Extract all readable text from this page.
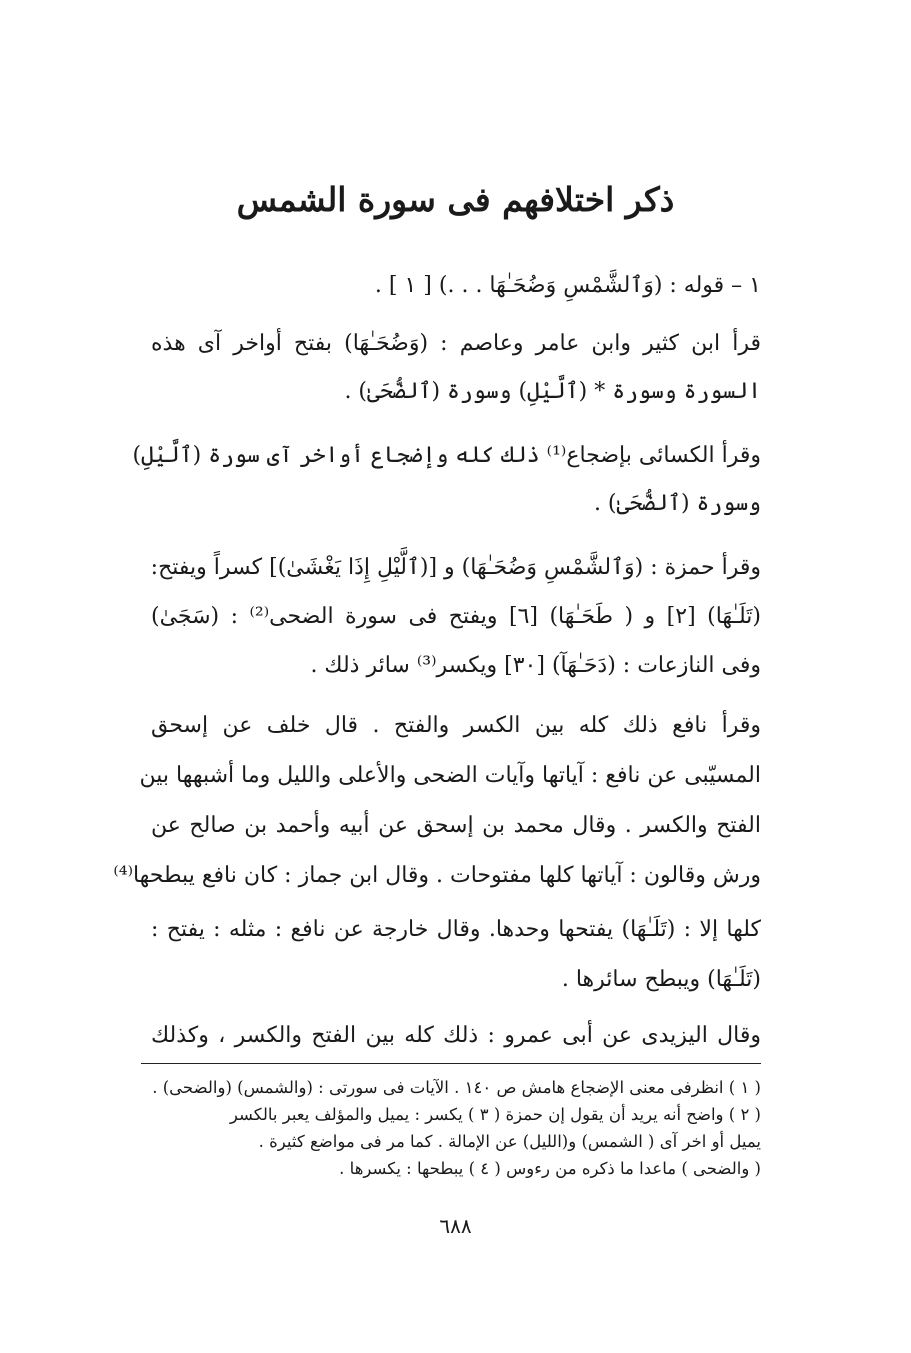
ذكر اختلافهم فى سورة الشمس
١ – قوله : (وَٱلشَّمْسِ وَضُحَـٰهَا . . .) [ ١ ] .
قرأ ابن كثير وابن عامر وعاصم : (وَضُحَـٰهَا) بفتح أواخر آى هذه
السورة وسورة * (ٱلَّيْلِ) وسورة (ٱلضُّحَىٰ) .
وقرأ الكسائى بإضجاع⁽¹⁾ ذلك كله وإضجاع أواخر آى سورة (ٱلَّيْلِ)
وسورة (ٱلضُّحَىٰ) .
وقرأ حمزة : (وَٱلشَّمْسِ وَضُحَـٰهَا) و [(ٱلَّيْلِ إِذَا يَغْشَىٰ)] كسراً ويفتح:
(تَلَـٰهَا) [٢] و ( طَحَـٰهَا) [٦] ويفتح فى سورة الضحى⁽²⁾ : (سَجَىٰ)
وفى النازعات : (دَحَـٰهَآ) [٣٠] ويكسر⁽³⁾ سائر ذلك .
وقرأ نافع ذلك كله بين الكسر والفتح . قال خلف عن إسحق
المسيّبى عن نافع : آياتها وآيات الضحى والأعلى والليل وما أشبهها بين
الفتح والكسر . وقال محمد بن إسحق عن أبيه وأحمد بن صالح عن
ورش وقالون : آياتها كلها مفتوحات . وقال ابن جماز : كان نافع يبطحها⁽⁴⁾
كلها إلا : (تَلَـٰهَا) يفتحها وحدها. وقال خارجة عن نافع : مثله : يفتح :
(تَلَـٰهَا) ويبطح سائرها .
وقال اليزيدى عن أبى عمرو : ذلك كله بين الفتح والكسر ، وكذلك
( ١ ) انظرفى معنى الإضجاع هامش ص ١٤٠ . الآيات فى سورتى : (والشمس) (والضحى) .
( ٢ ) واضح أنه يريد أن يقول إن حمزة ( ٣ ) يكسر : يميل والمؤلف يعبر بالكسر
يميل أو اخر آى ( الشمس) و(الليل) عن الإمالة . كما مر فى مواضع كثيرة .
( والضحى ) ماعدا ما ذكره من رءوس ( ٤ ) يبطحها : يكسرها .
٦٨٨
